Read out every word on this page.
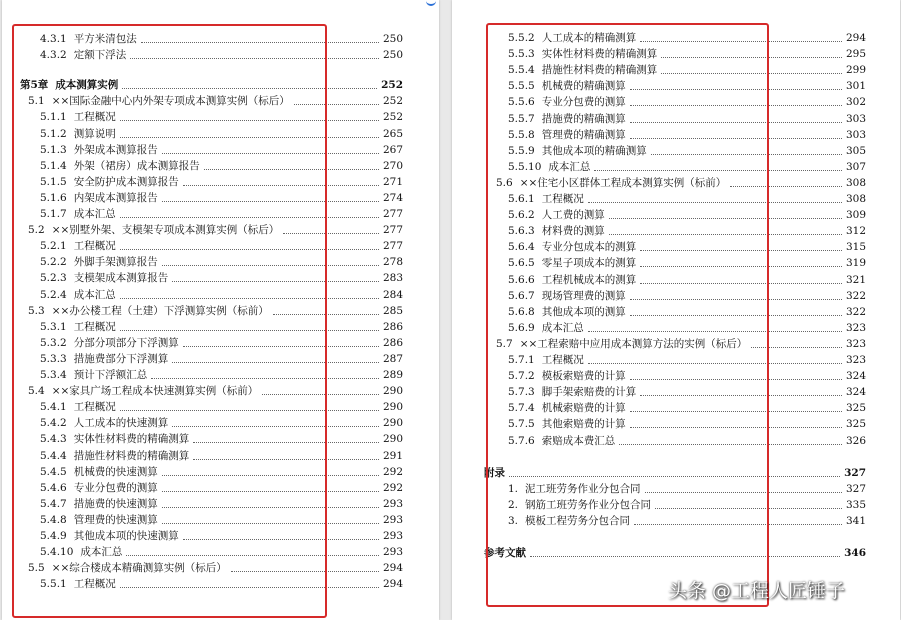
4.3.1 平方米清包法	250
4.3.2 定额下浮法	250
第5章 成本测算实例	252
5.1 ××国际金融中心内外架专项成本测算实例（标后）	252
5.1.1 工程概况	252
5.1.2 测算说明	265
5.1.3 外架成本测算报告	267
5.1.4 外架（裙房）成本测算报告	270
5.1.5 安全防护成本测算报告	271
5.1.6 内架成本测算报告	274
5.1.7 成本汇总	277
5.2 ××别墅外架、支模架专项成本测算实例（标后）	277
5.2.1 工程概况	277
5.2.2 外脚手架测算报告	278
5.2.3 支模架成本测算报告	283
5.2.4 成本汇总	284
5.3 ××办公楼工程（土建）下浮测算实例（标前）	285
5.3.1 工程概况	286
5.3.2 分部分项部分下浮测算	286
5.3.3 措施费部分下浮测算	287
5.3.4 预计下浮额汇总	289
5.4 ××家具广场工程成本快速测算实例（标前）	290
5.4.1 工程概况	290
5.4.2 人工成本的快速测算	290
5.4.3 实体性材料费的精确测算	290
5.4.4 措施性材料费的精确测算	291
5.4.5 机械费的快速测算	292
5.4.6 专业分包费的测算	292
5.4.7 措施费的快速测算	293
5.4.8 管理费的快速测算	293
5.4.9 其他成本项的快速测算	293
5.4.10 成本汇总	293
5.5 ××综合楼成本精确测算实例（标后）	294
5.5.1 工程概况	294
5.5.2 人工成本的精确测算	294
5.5.3 实体性材料费的精确测算	295
5.5.4 措施性材料费的精确测算	299
5.5.5 机械费的精确测算	301
5.5.6 专业分包费的测算	302
5.5.7 措施费的精确测算	303
5.5.8 管理费的精确测算	303
5.5.9 其他成本项的精确测算	305
5.5.10 成本汇总	307
5.6 ××住宅小区群体工程成本测算实例（标前）	308
5.6.1 工程概况	308
5.6.2 人工费的测算	309
5.6.3 材料费的测算	312
5.6.4 专业分包成本的测算	315
5.6.5 零星子项成本的测算	319
5.6.6 工程机械成本的测算	321
5.6.7 现场管理费的测算	322
5.6.8 其他成本项的测算	322
5.6.9 成本汇总	323
5.7 ××工程索赔中应用成本测算方法的实例（标后）	323
5.7.1 工程概况	323
5.7.2 模板索赔费的计算	324
5.7.3 脚手架索赔费的计算	324
5.7.4 机械索赔费的计算	325
5.7.5 其他索赔费的计算	325
5.7.6 索赔成本费汇总	326
附录	327
1. 泥工班劳务作业分包合同	327
2. 钢筋工班劳务作业分包合同	335
3. 模板工程劳务分包合同	341
参考文献	346
头条 @工程人匠锤子
